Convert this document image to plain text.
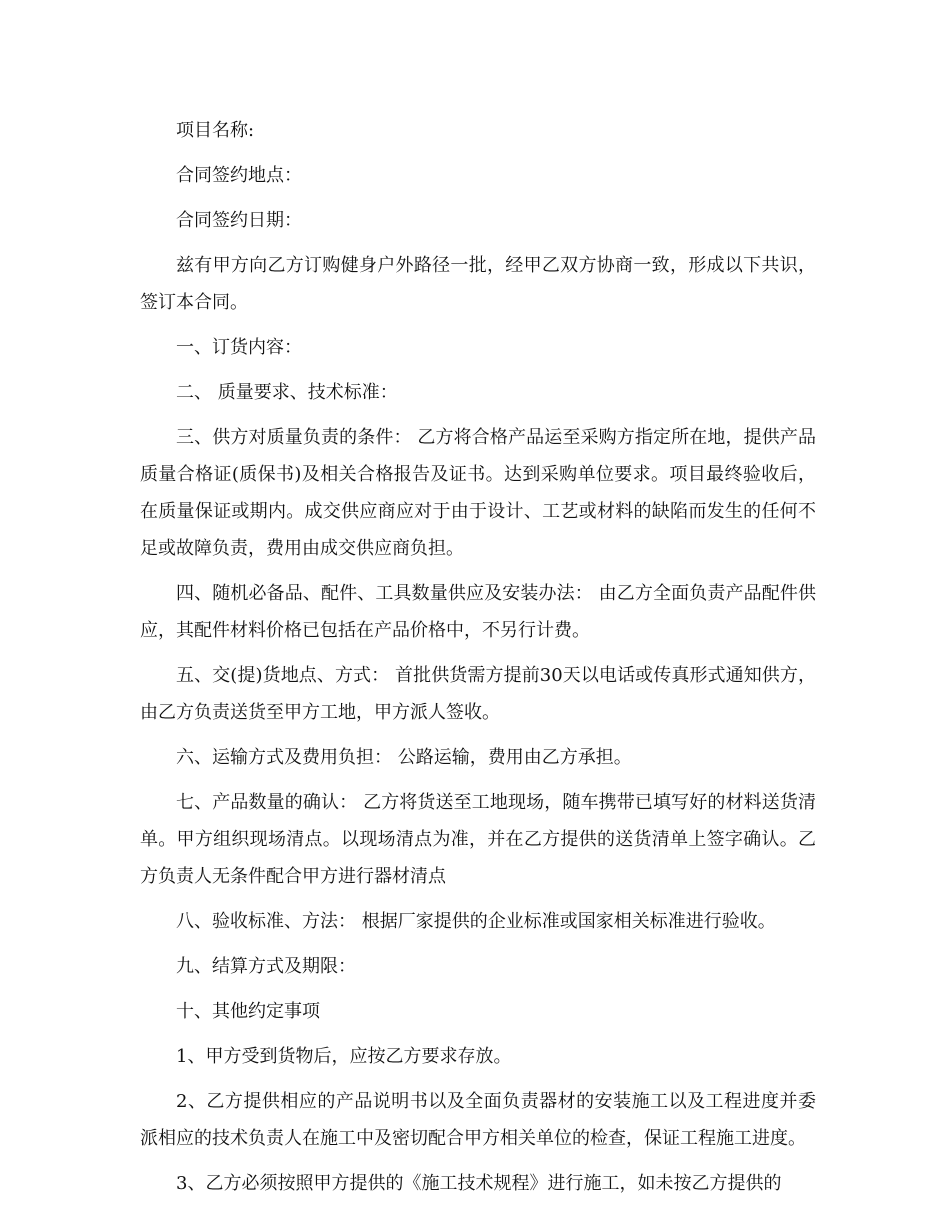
项目名称:

合同签约地点：

合同签约日期：

兹有甲方向乙方订购健身户外路径一批，经甲乙双方协商一致，形成以下共识，签订本合同。

一、订货内容：

二、 质量要求、技术标准：

三、供方对质量负责的条件： 乙方将合格产品运至采购方指定所在地，提供产品质量合格证(质保书)及相关合格报告及证书。达到采购单位要求。项目最终验收后，在质量保证或期内。成交供应商应对于由于设计、工艺或材料的缺陷而发生的任何不足或故障负责，费用由成交供应商负担。

四、随机必备品、配件、工具数量供应及安装办法： 由乙方全面负责产品配件供应，其配件材料价格已包括在产品价格中，不另行计费。

五、交(提)货地点、方式： 首批供货需方提前30天以电话或传真形式通知供方，由乙方负责送货至甲方工地，甲方派人签收。

六、运输方式及费用负担： 公路运输，费用由乙方承担。

七、产品数量的确认： 乙方将货送至工地现场，随车携带已填写好的材料送货清单。甲方组织现场清点。以现场清点为准，并在乙方提供的送货清单上签字确认。乙方负责人无条件配合甲方进行器材清点

八、验收标准、方法： 根据厂家提供的企业标准或国家相关标准进行验收。

九、结算方式及期限：

十、其他约定事项

1、甲方受到货物后，应按乙方要求存放。

2、乙方提供相应的产品说明书以及全面负责器材的安装施工以及工程进度并委派相应的技术负责人在施工中及密切配合甲方相关单位的检查，保证工程施工进度。

3、乙方必须按照甲方提供的《施工技术规程》进行施工，如未按乙方提供的
